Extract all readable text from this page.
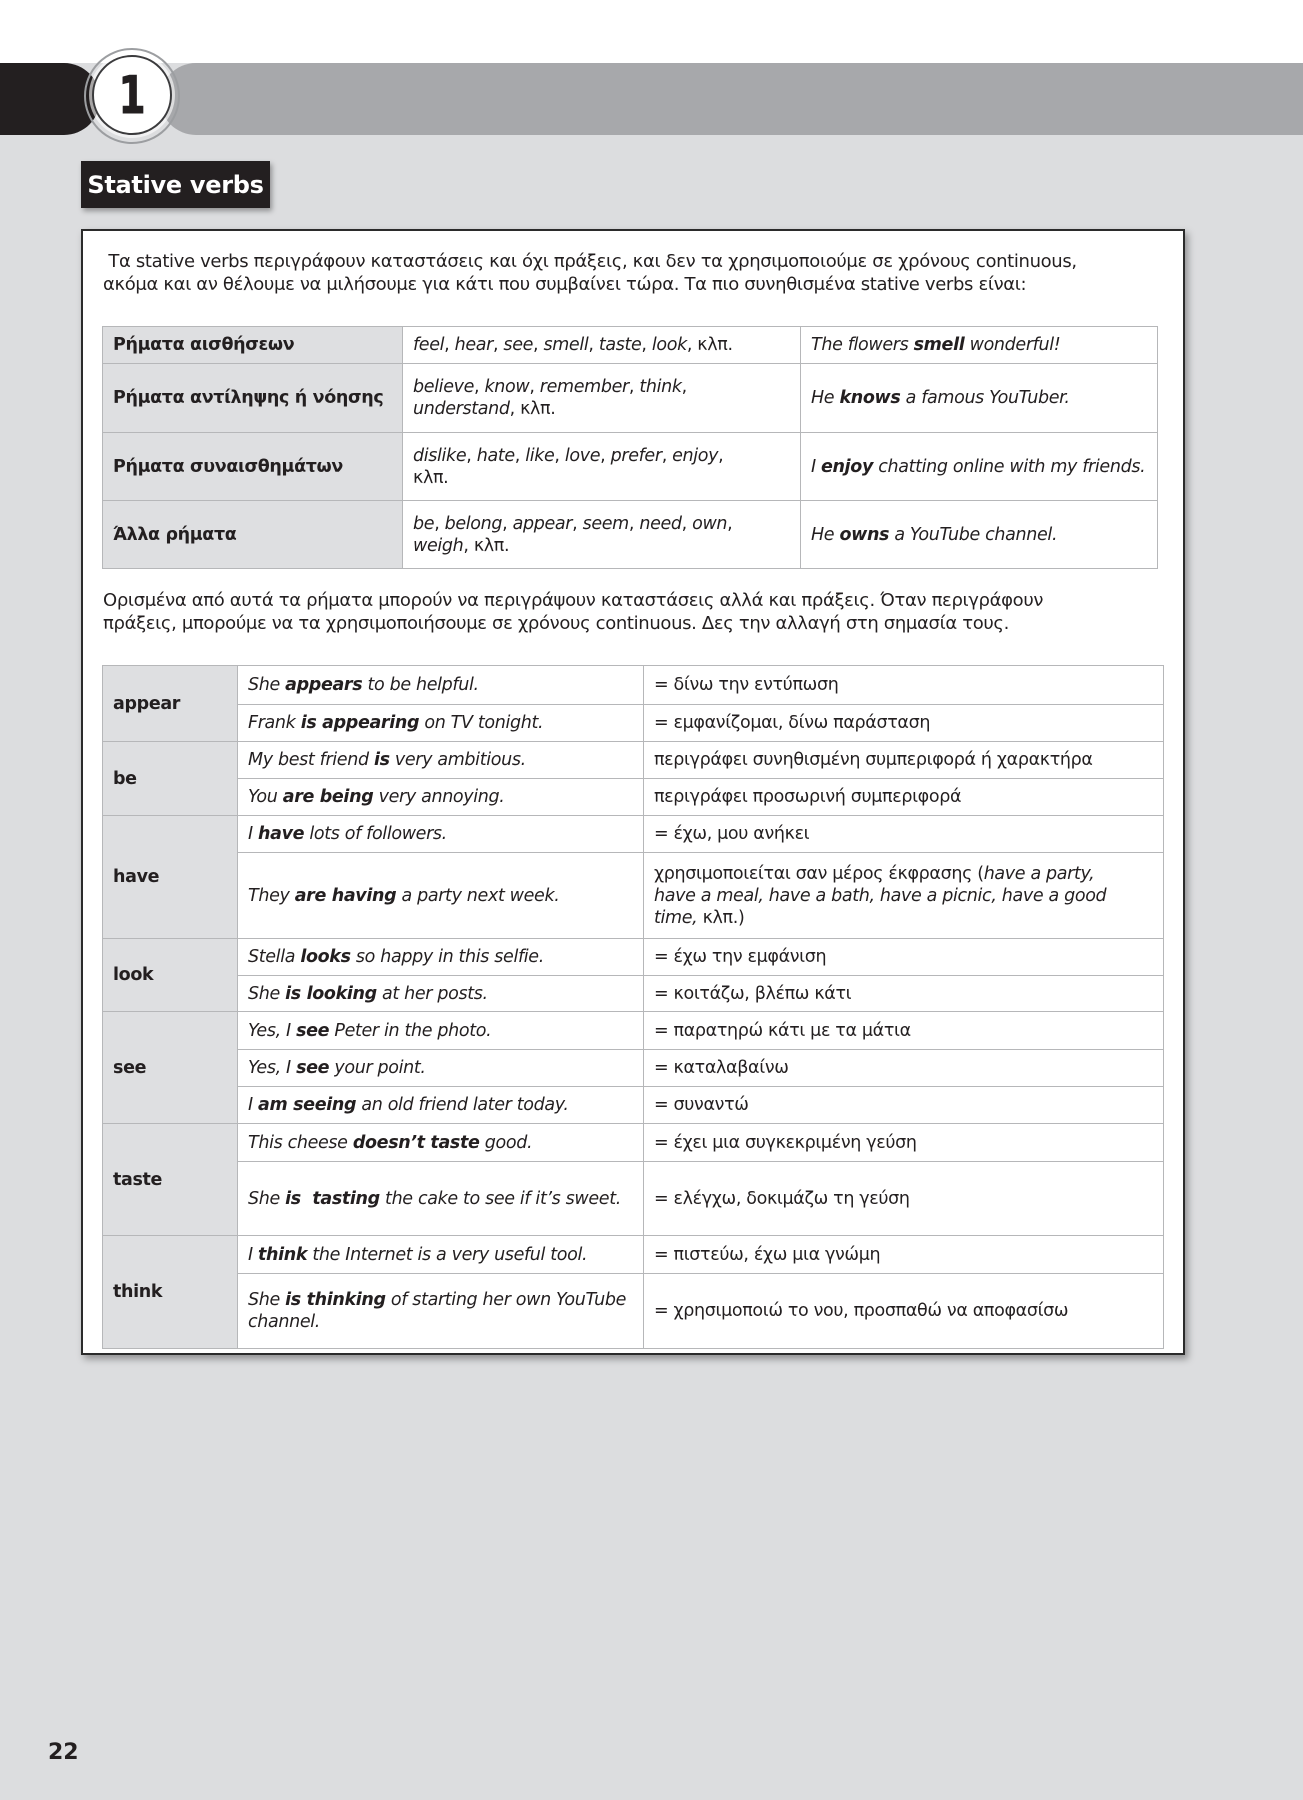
1
Stative verbs
Τα stative verbs περιγράφουν καταστάσεις και όχι πράξεις, και δεν τα χρησιμοποιούμε σε χρόνους continuous,
ακόμα και αν θέλουμε να μιλήσουμε για κάτι που συμβαίνει τώρα. Τα πιο συνηθισμένα stative verbs είναι:
Ρήματα αισθήσεων	feel, hear, see, smell, taste, look, κλπ.	The flowers smell wonderful!
Ρήματα αντίληψης ή νόησης	believe, know, remember, think,
understand, κλπ.	He knows a famous YouTuber.
Ρήματα συναισθημάτων	dislike, hate, like, love, prefer, enjoy,
κλπ.	I enjoy chatting online with my friends.
Άλλα ρήματα	be, belong, appear, seem, need, own,
weigh, κλπ.	He owns a YouTube channel.
Ορισμένα από αυτά τα ρήματα μπορούν να περιγράψουν καταστάσεις αλλά και πράξεις. Όταν περιγράφουν
πράξεις, μπορούμε να τα χρησιμοποιήσουμε σε χρόνους continuous. Δες την αλλαγή στη σημασία τους.
appear	She appears to be helpful.	= δίνω την εντύπωση
	Frank is appearing on TV tonight.	= εμφανίζομαι, δίνω παράσταση
be	My best friend is very ambitious.	περιγράφει συνηθισμένη συμπεριφορά ή χαρακτήρα
	You are being very annoying.	περιγράφει προσωρινή συμπεριφορά
have	I have lots of followers.	= έχω, μου ανήκει
	They are having a party next week.	χρησιμοποιείται σαν μέρος έκφρασης (have a party,
have a meal, have a bath, have a picnic, have a good
time, κλπ.)
look	Stella looks so happy in this selfie.	= έχω την εμφάνιση
	She is looking at her posts.	= κοιτάζω, βλέπω κάτι
see	Yes, I see Peter in the photo.	= παρατηρώ κάτι με τα μάτια
	Yes, I see your point.	= καταλαβαίνω
	I am seeing an old friend later today.	= συναντώ
taste	This cheese doesn’t taste good.	= έχει μια συγκεκριμένη γεύση
	She is  tasting the cake to see if it’s sweet.	= ελέγχω, δοκιμάζω τη γεύση
think	I think the Internet is a very useful tool.	= πιστεύω, έχω μια γνώμη
	She is thinking of starting her own YouTube channel.	= χρησιμοποιώ το νου, προσπαθώ να αποφασίσω
22
